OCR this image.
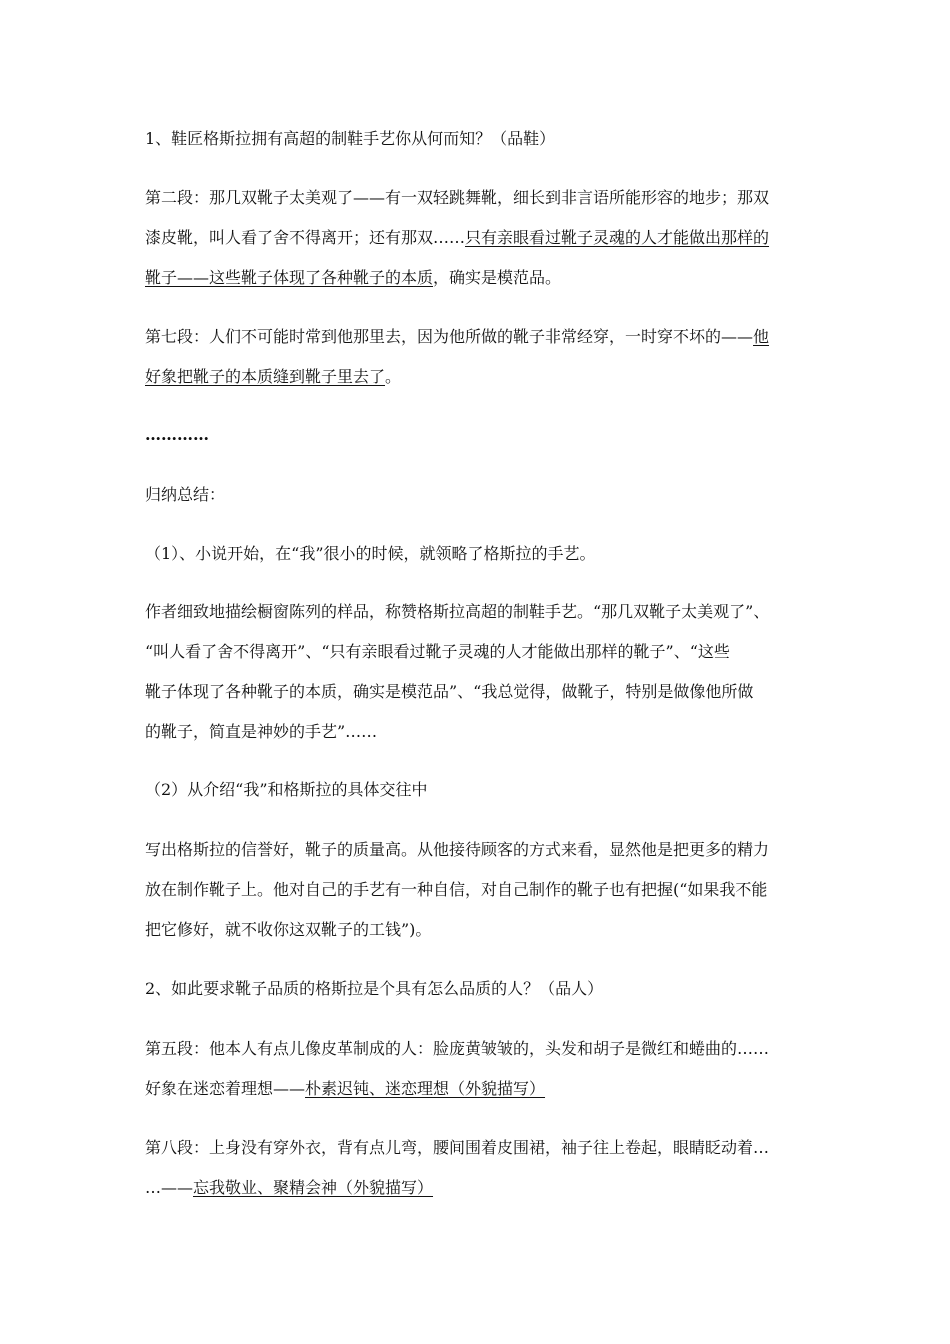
1、鞋匠格斯拉拥有高超的制鞋手艺你从何而知？（品鞋）
第二段：那几双靴子太美观了——有一双轻跳舞靴，细长到非言语所能形容的地步；那双
漆皮靴，叫人看了舍不得离开；还有那双……只有亲眼看过靴子灵魂的人才能做出那样的
靴子——这些靴子体现了各种靴子的本质，确实是模范品。
第七段：人们不可能时常到他那里去，因为他所做的靴子非常经穿，一时穿不坏的——他
好象把靴子的本质缝到靴子里去了。
…………
归纳总结：
（1）、小说开始，在“我”很小的时候，就领略了格斯拉的手艺。
作者细致地描绘橱窗陈列的样品，称赞格斯拉高超的制鞋手艺。“那几双靴子太美观了”、
“叫人看了舍不得离开”、“只有亲眼看过靴子灵魂的人才能做出那样的靴子”、“这些
靴子体现了各种靴子的本质，确实是模范品”、“我总觉得，做靴子，特别是做像他所做
的靴子，简直是神妙的手艺”……
（2）从介绍“我”和格斯拉的具体交往中
写出格斯拉的信誉好，靴子的质量高。从他接待顾客的方式来看，显然他是把更多的精力
放在制作靴子上。他对自己的手艺有一种自信，对自己制作的靴子也有把握(“如果我不能
把它修好，就不收你这双靴子的工钱”)。
2、如此要求靴子品质的格斯拉是个具有怎么品质的人？（品人）
第五段：他本人有点儿像皮革制成的人：脸庞黄皱皱的，头发和胡子是微红和蜷曲的……
好象在迷恋着理想——朴素迟钝、迷恋理想（外貌描写）
第八段：上身没有穿外衣，背有点儿弯，腰间围着皮围裙，袖子往上卷起，眼睛眨动着…
…——忘我敬业、聚精会神（外貌描写）
